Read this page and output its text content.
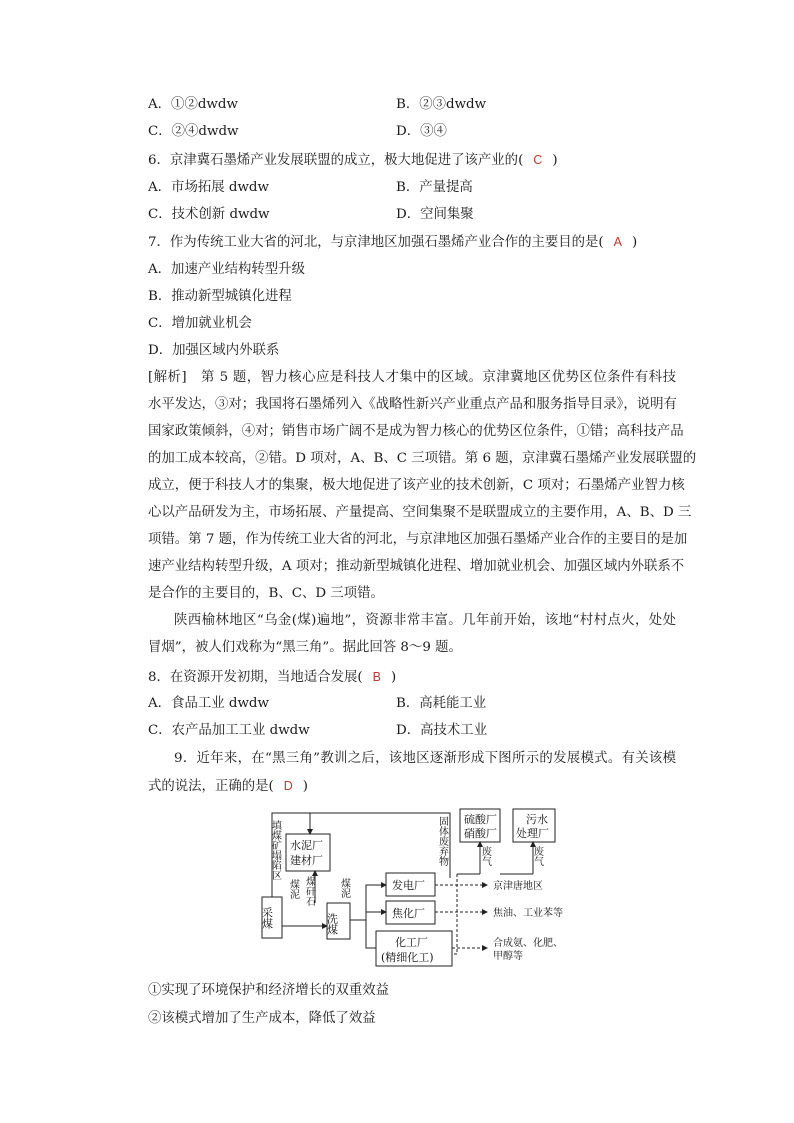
A．①②dwdw	B．②③dwdw
C．②④dwdw	D．③④
6．京津冀石墨烯产业发展联盟的成立，极大地促进了该产业的( C )
A．市场拓展 dwdw	B．产量提高
C．技术创新 dwdw	D．空间集聚
7．作为传统工业大省的河北，与京津地区加强石墨烯产业合作的主要目的是( A )
A．加速产业结构转型升级
B．推动新型城镇化进程
C．增加就业机会
D．加强区域内外联系
[解析]　第 5 题，智力核心应是科技人才集中的区域。京津冀地区优势区位条件有科技
水平发达，③对；我国将石墨烯列入《战略性新兴产业重点产品和服务指导目录》，说明有
国家政策倾斜，④对；销售市场广阔不是成为智力核心的优势区位条件，①错；高科技产品
的加工成本较高，②错。D 项对，A、B、C 三项错。第 6 题，京津冀石墨烯产业发展联盟的
成立，便于科技人才的集聚，极大地促进了该产业的技术创新，C 项对；石墨烯产业智力核
心以产品研发为主，市场拓展、产量提高、空间集聚不是联盟成立的主要作用，A、B、D 三
项错。第 7 题，作为传统工业大省的河北，与京津地区加强石墨烯产业合作的主要目的是加
速产业结构转型升级，A 项对；推动新型城镇化进程、增加就业机会、加强区域内外联系不
是合作的主要目的，B、C、D 三项错。
陕西榆林地区“乌金(煤)遍地”，资源非常丰富。几年前开始，该地“村村点火，处处
冒烟”，被人们戏称为“黑三角”。据此回答 8～9 题。
8．在资源开发初期，当地适合发展( B )
A．食品工业 dwdw	B．高耗能工业
C．农产品加工工业 dwdw	D．高技术工业
9．近年来，在“黑三角”教训之后，该地区逐渐形成下图所示的发展模式。有关该模
式的说法，正确的是( D )
采煤	洗煤
水泥厂
建材厂
发电厂
焦化厂
化工厂
(精细化工)
硫酸厂
硝酸厂
污水
处理厂
填煤矿塌陷区
煤泥 煤矸石 煤泥
固体废弃物	废气	废气
京津唐地区
焦油、工业苯等
合成氨、化肥、
甲醇等
①实现了环境保护和经济增长的双重效益
②该模式增加了生产成本，降低了效益
